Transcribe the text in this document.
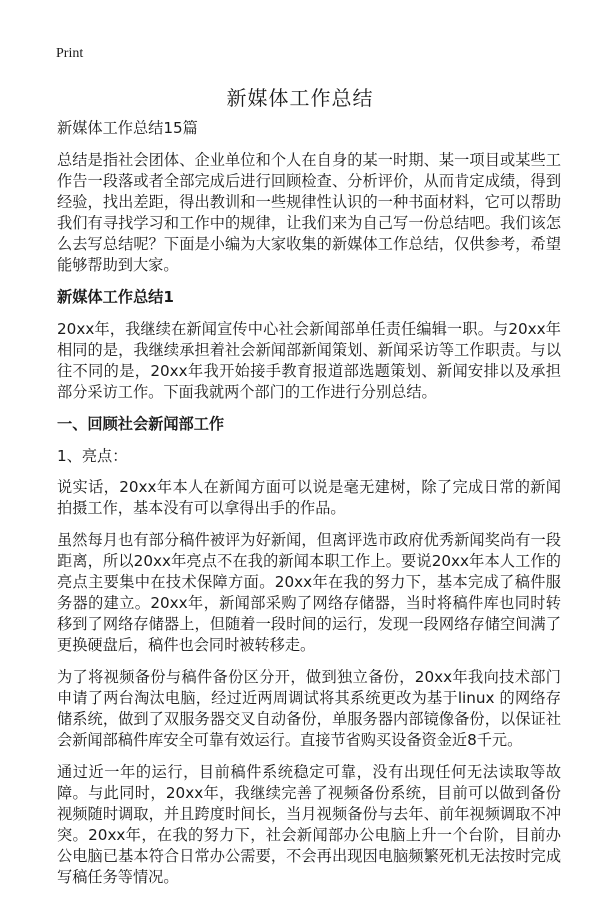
Print
新媒体工作总结

新媒体工作总结15篇

总结是指社会团体、企业单位和个人在自身的某一时期、某一项目或某些工作告一段落或者全部完成后进行回顾检查、分析评价，从而肯定成绩，得到经验，找出差距，得出教训和一些规律性认识的一种书面材料，它可以帮助我们有寻找学习和工作中的规律，让我们来为自己写一份总结吧。我们该怎么去写总结呢？下面是小编为大家收集的新媒体工作总结，仅供参考，希望能够帮助到大家。

新媒体工作总结1

20xx年，我继续在新闻宣传中心社会新闻部单任责任编辑一职。与20xx年相同的是，我继续承担着社会新闻部新闻策划、新闻采访等工作职责。与以往不同的是，20xx年我开始接手教育报道部选题策划、新闻安排以及承担部分采访工作。下面我就两个部门的工作进行分别总结。

一、回顾社会新闻部工作

1、亮点：

说实话，20xx年本人在新闻方面可以说是毫无建树，除了完成日常的新闻拍摄工作，基本没有可以拿得出手的作品。

虽然每月也有部分稿件被评为好新闻，但离评选市政府优秀新闻奖尚有一段距离，所以20xx年亮点不在我的新闻本职工作上。要说20xx年本人工作的亮点主要集中在技术保障方面。20xx年在我的努力下，基本完成了稿件服务器的建立。20xx年，新闻部采购了网络存储器，当时将稿件库也同时转移到了网络存储器上，但随着一段时间的运行，发现一段网络存储空间满了更换硬盘后，稿件也会同时被转移走。

为了将视频备份与稿件备份区分开，做到独立备份，20xx年我向技术部门申请了两台淘汰电脑，经过近两周调试将其系统更改为基于linux 的网络存储系统，做到了双服务器交叉自动备份，单服务器内部镜像备份，以保证社会新闻部稿件库安全可靠有效运行。直接节省购买设备资金近8千元。

通过近一年的运行，目前稿件系统稳定可靠，没有出现任何无法读取等故障。与此同时，20xx年，我继续完善了视频备份系统，目前可以做到备份视频随时调取，并且跨度时间长，当月视频备份与去年、前年视频调取不冲突。20xx年，在我的努力下，社会新闻部办公电脑上升一个台阶，目前办公电脑已基本符合日常办公需要，不会再出现因电脑频繁死机无法按时完成写稿任务等情况。
